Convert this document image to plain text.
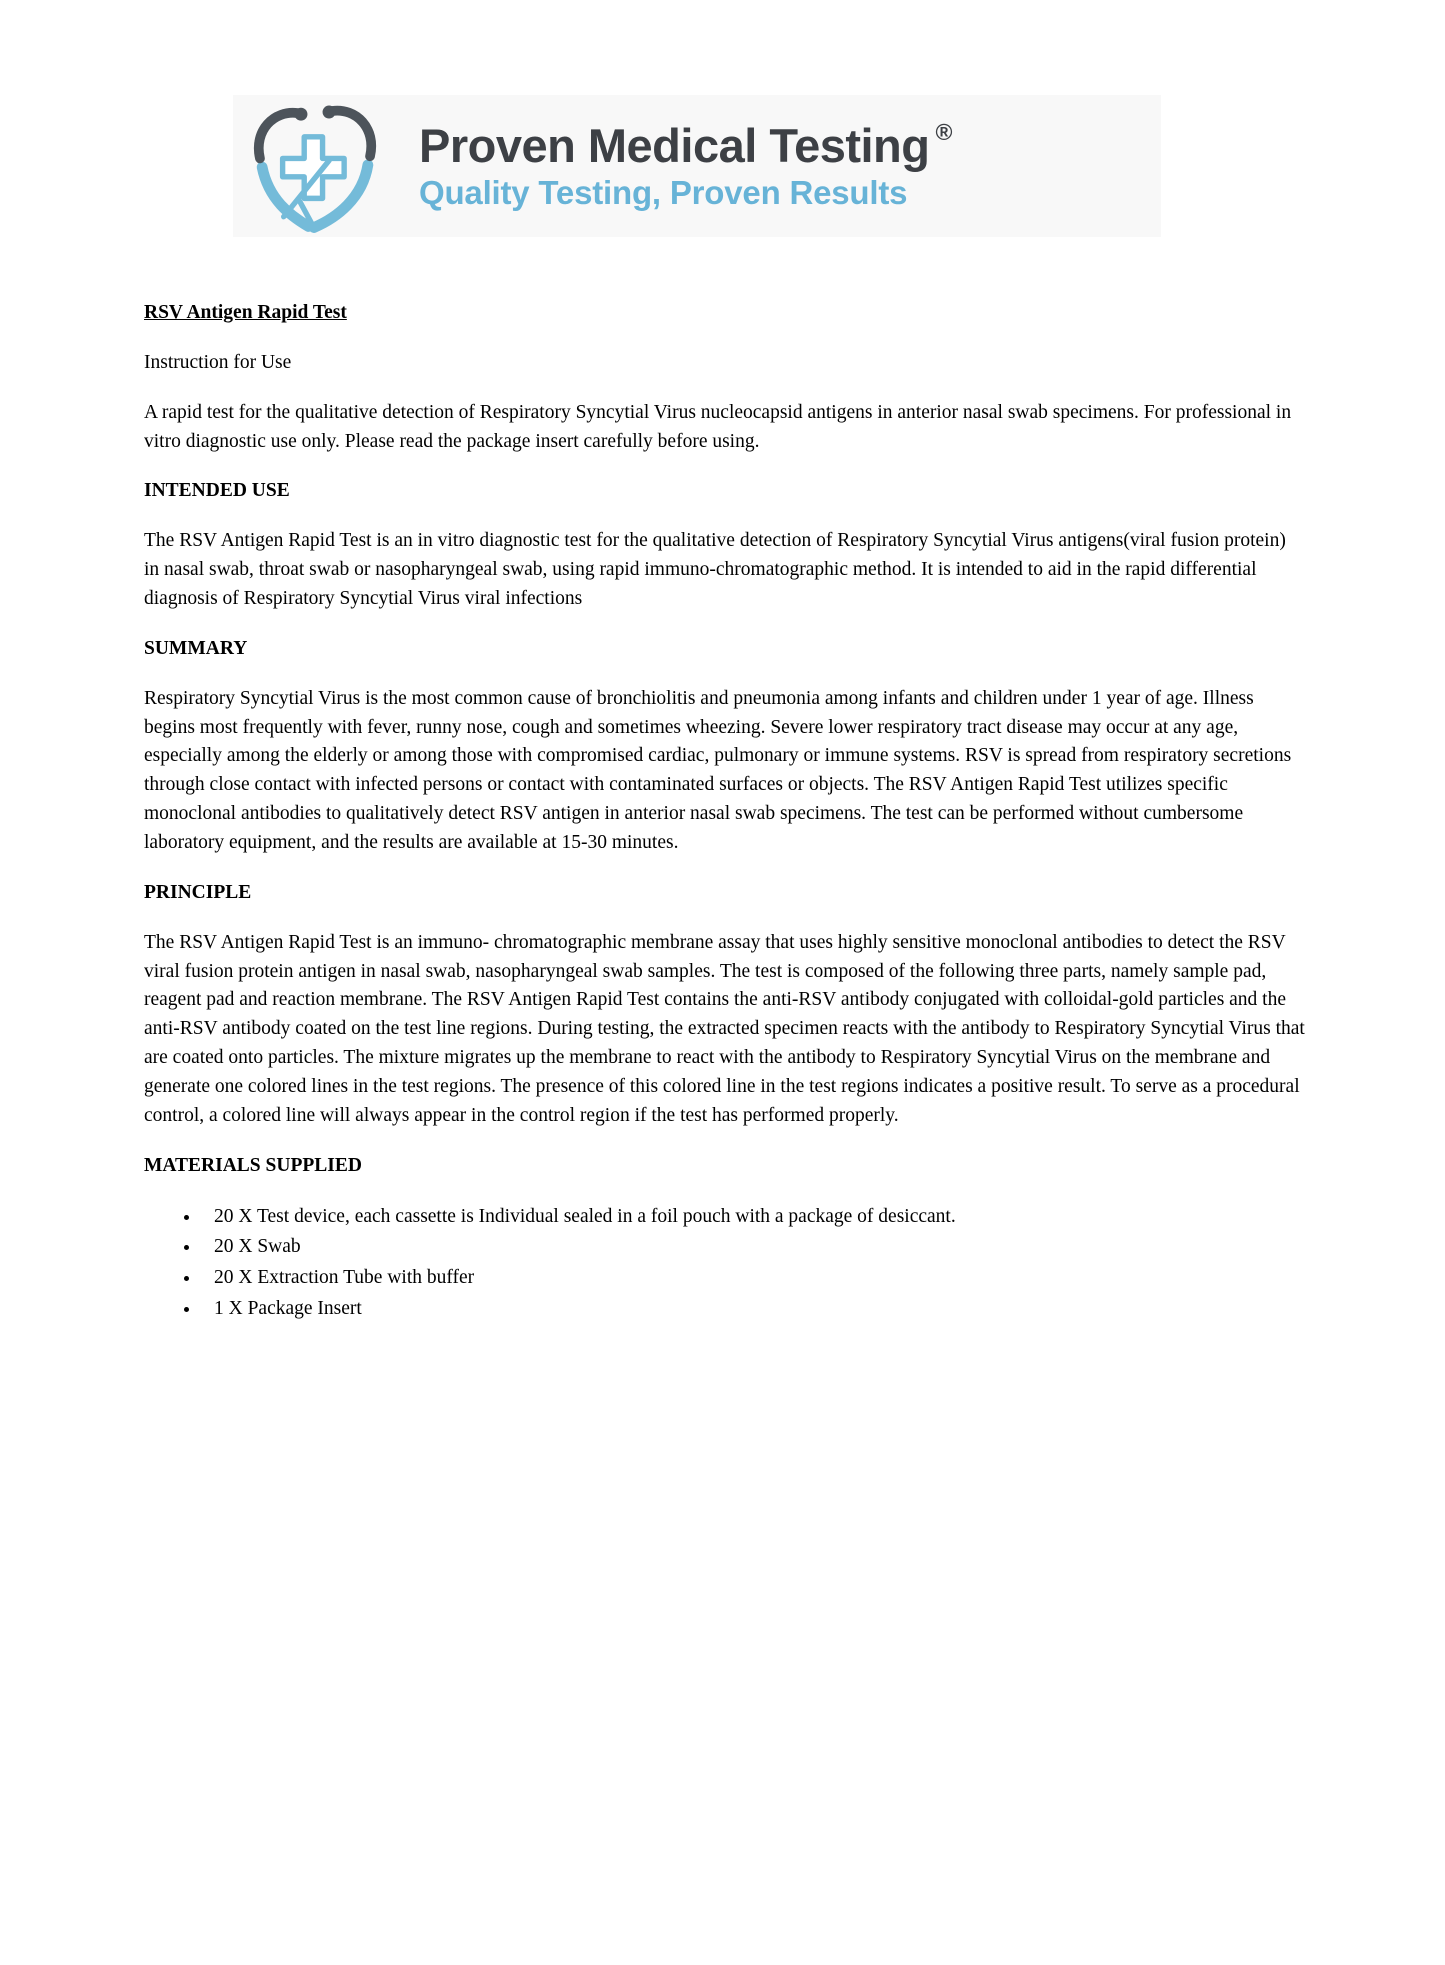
Proven Medical Testing ®
Quality Testing, Proven Results
RSV Antigen Rapid Test

Instruction for Use

A rapid test for the qualitative detection of Respiratory Syncytial Virus nucleocapsid antigens in anterior nasal swab specimens. For professional in vitro diagnostic use only. Please read the package insert carefully before using.

INTENDED USE

The RSV Antigen Rapid Test is an in vitro diagnostic test for the qualitative detection of Respiratory Syncytial Virus antigens(viral fusion protein) in nasal swab, throat swab or nasopharyngeal swab, using rapid immuno-chromatographic method. It is intended to aid in the rapid differential diagnosis of Respiratory Syncytial Virus viral infections

SUMMARY

Respiratory Syncytial Virus is the most common cause of bronchiolitis and pneumonia among infants and children under 1 year of age. Illness begins most frequently with fever, runny nose, cough and sometimes wheezing. Severe lower respiratory tract disease may occur at any age, especially among the elderly or among those with compromised cardiac, pulmonary or immune systems. RSV is spread from respiratory secretions through close contact with infected persons or contact with contaminated surfaces or objects. The RSV Antigen Rapid Test utilizes specific monoclonal antibodies to qualitatively detect RSV antigen in anterior nasal swab specimens. The test can be performed without cumbersome laboratory equipment, and the results are available at 15-30 minutes.

PRINCIPLE

The RSV Antigen Rapid Test is an immuno- chromatographic membrane assay that uses highly sensitive monoclonal antibodies to detect the RSV viral fusion protein antigen in nasal swab, nasopharyngeal swab samples. The test is composed of the following three parts, namely sample pad, reagent pad and reaction membrane. The RSV Antigen Rapid Test contains the anti-RSV antibody conjugated with colloidal-gold particles and the anti-RSV antibody coated on the test line regions. During testing, the extracted specimen reacts with the antibody to Respiratory Syncytial Virus that are coated onto particles. The mixture migrates up the membrane to react with the antibody to Respiratory Syncytial Virus on the membrane and generate one colored lines in the test regions. The presence of this colored line in the test regions indicates a positive result. To serve as a procedural control, a colored line will always appear in the control region if the test has performed properly.

MATERIALS SUPPLIED
• 20 X Test device, each cassette is Individual sealed in a foil pouch with a package of desiccant.
• 20 X Swab
• 20 X Extraction Tube with buffer
• 1 X Package Insert
